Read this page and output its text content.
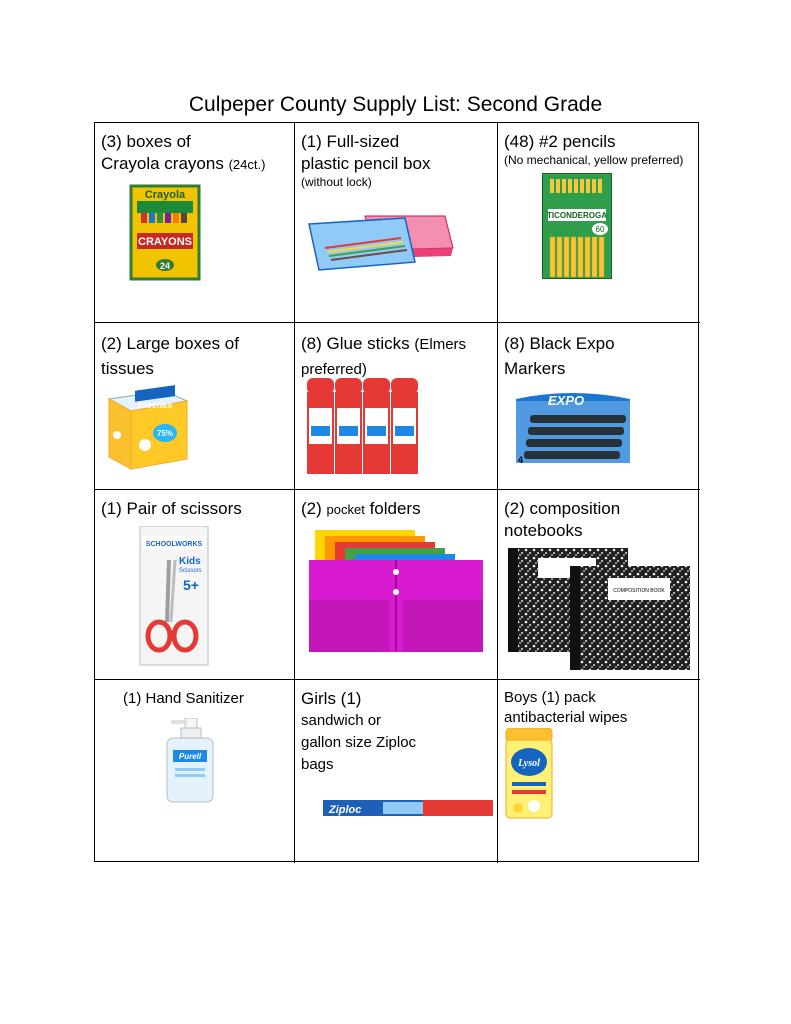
Culpeper County Supply List: Second Grade
(3) boxes of
Crayola crayons (24ct.)
Crayola
CRAYONS
24
(1) Full-sized
plastic pencil box
(without lock)
(48) #2 pencils
(No mechanical, yellow preferred)
TICONDEROGA
60
(2) Large boxes of
tissues
Kleenex
75%
(8) Glue sticks (Elmers
preferred)
(8) Black Expo
Markers
EXPO
4
(1) Pair of scissors
SCHOOLWORKS
Kids
Scissors
5+
(2) pocket folders	(2) composition
notebooks
COMPOSITION BOOK
(1) Hand Sanitizer
Purell
Girls (1)
sandwich or
gallon size Ziploc
bags
Ziploc
Boys (1) pack
antibacterial wipes
Lysol
